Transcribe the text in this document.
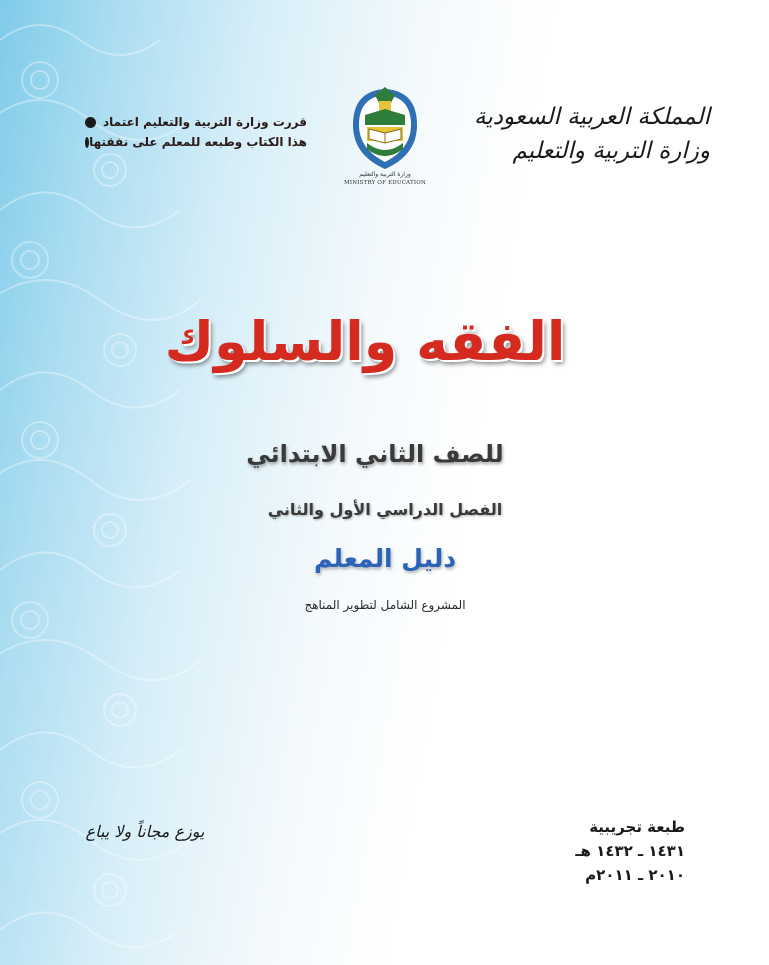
قررت وزارة التربية والتعليم اعتماد
هذا الكتاب وطبعه للمعلم على نفقتها
وزارة التربية والتعليم
MINISTRY OF EDUCATION
المملكة العربية السعودية
وزارة التربية والتعليم
الفقه والسلوك
للصف الثاني الابتدائي
الفصل الدراسي الأول والثاني
دليل المعلم
المشروع الشامل لتطوير المناهج
طبعة تجريبية
١٤٣١ ـ ١٤٣٢ هـ
٢٠١٠ ـ ٢٠١١م
يوزع مجاناً ولا يباع
